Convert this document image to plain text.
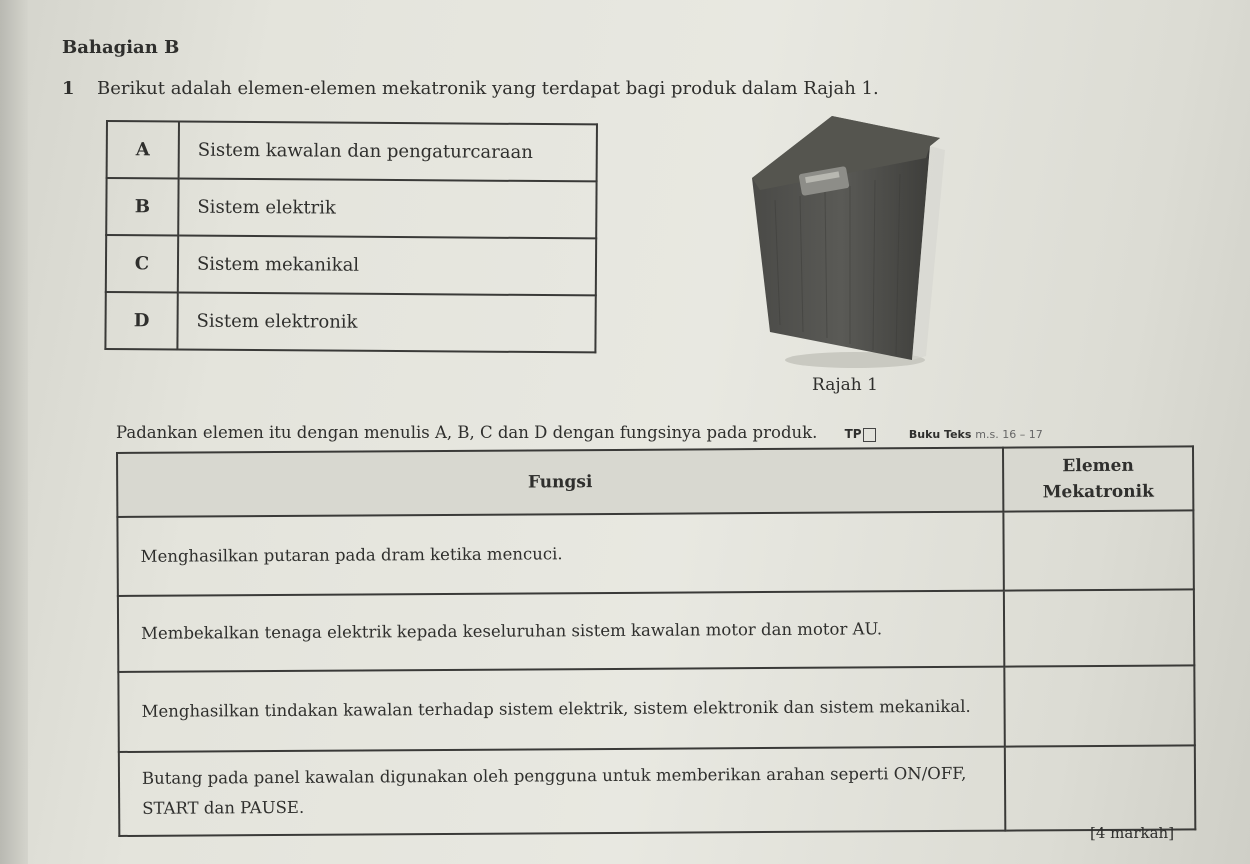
Bahagian B
1 Berikut adalah elemen-elemen mekatronik yang terdapat bagi produk dalam Rajah 1.
A	Sistem kawalan dan pengaturcaraan
B	Sistem elektrik
C	Sistem mekanikal
D	Sistem elektronik
Rajah 1
Padankan elemen itu dengan menulis A, B, C dan D dengan fungsinya pada produk. TP	Buku Teks m.s. 16 – 17
Fungsi	Elemen
Mekatronik

Menghasilkan putaran pada dram ketika mencuci.	
Membekalkan tenaga elektrik kepada keseluruhan sistem kawalan motor dan motor AU.	
Menghasilkan tindakan kawalan terhadap sistem elektrik, sistem elektronik dan sistem mekanikal.	
Butang pada panel kawalan digunakan oleh pengguna untuk memberikan arahan seperti ON/OFF, START dan PAUSE.	
[4 markah]
